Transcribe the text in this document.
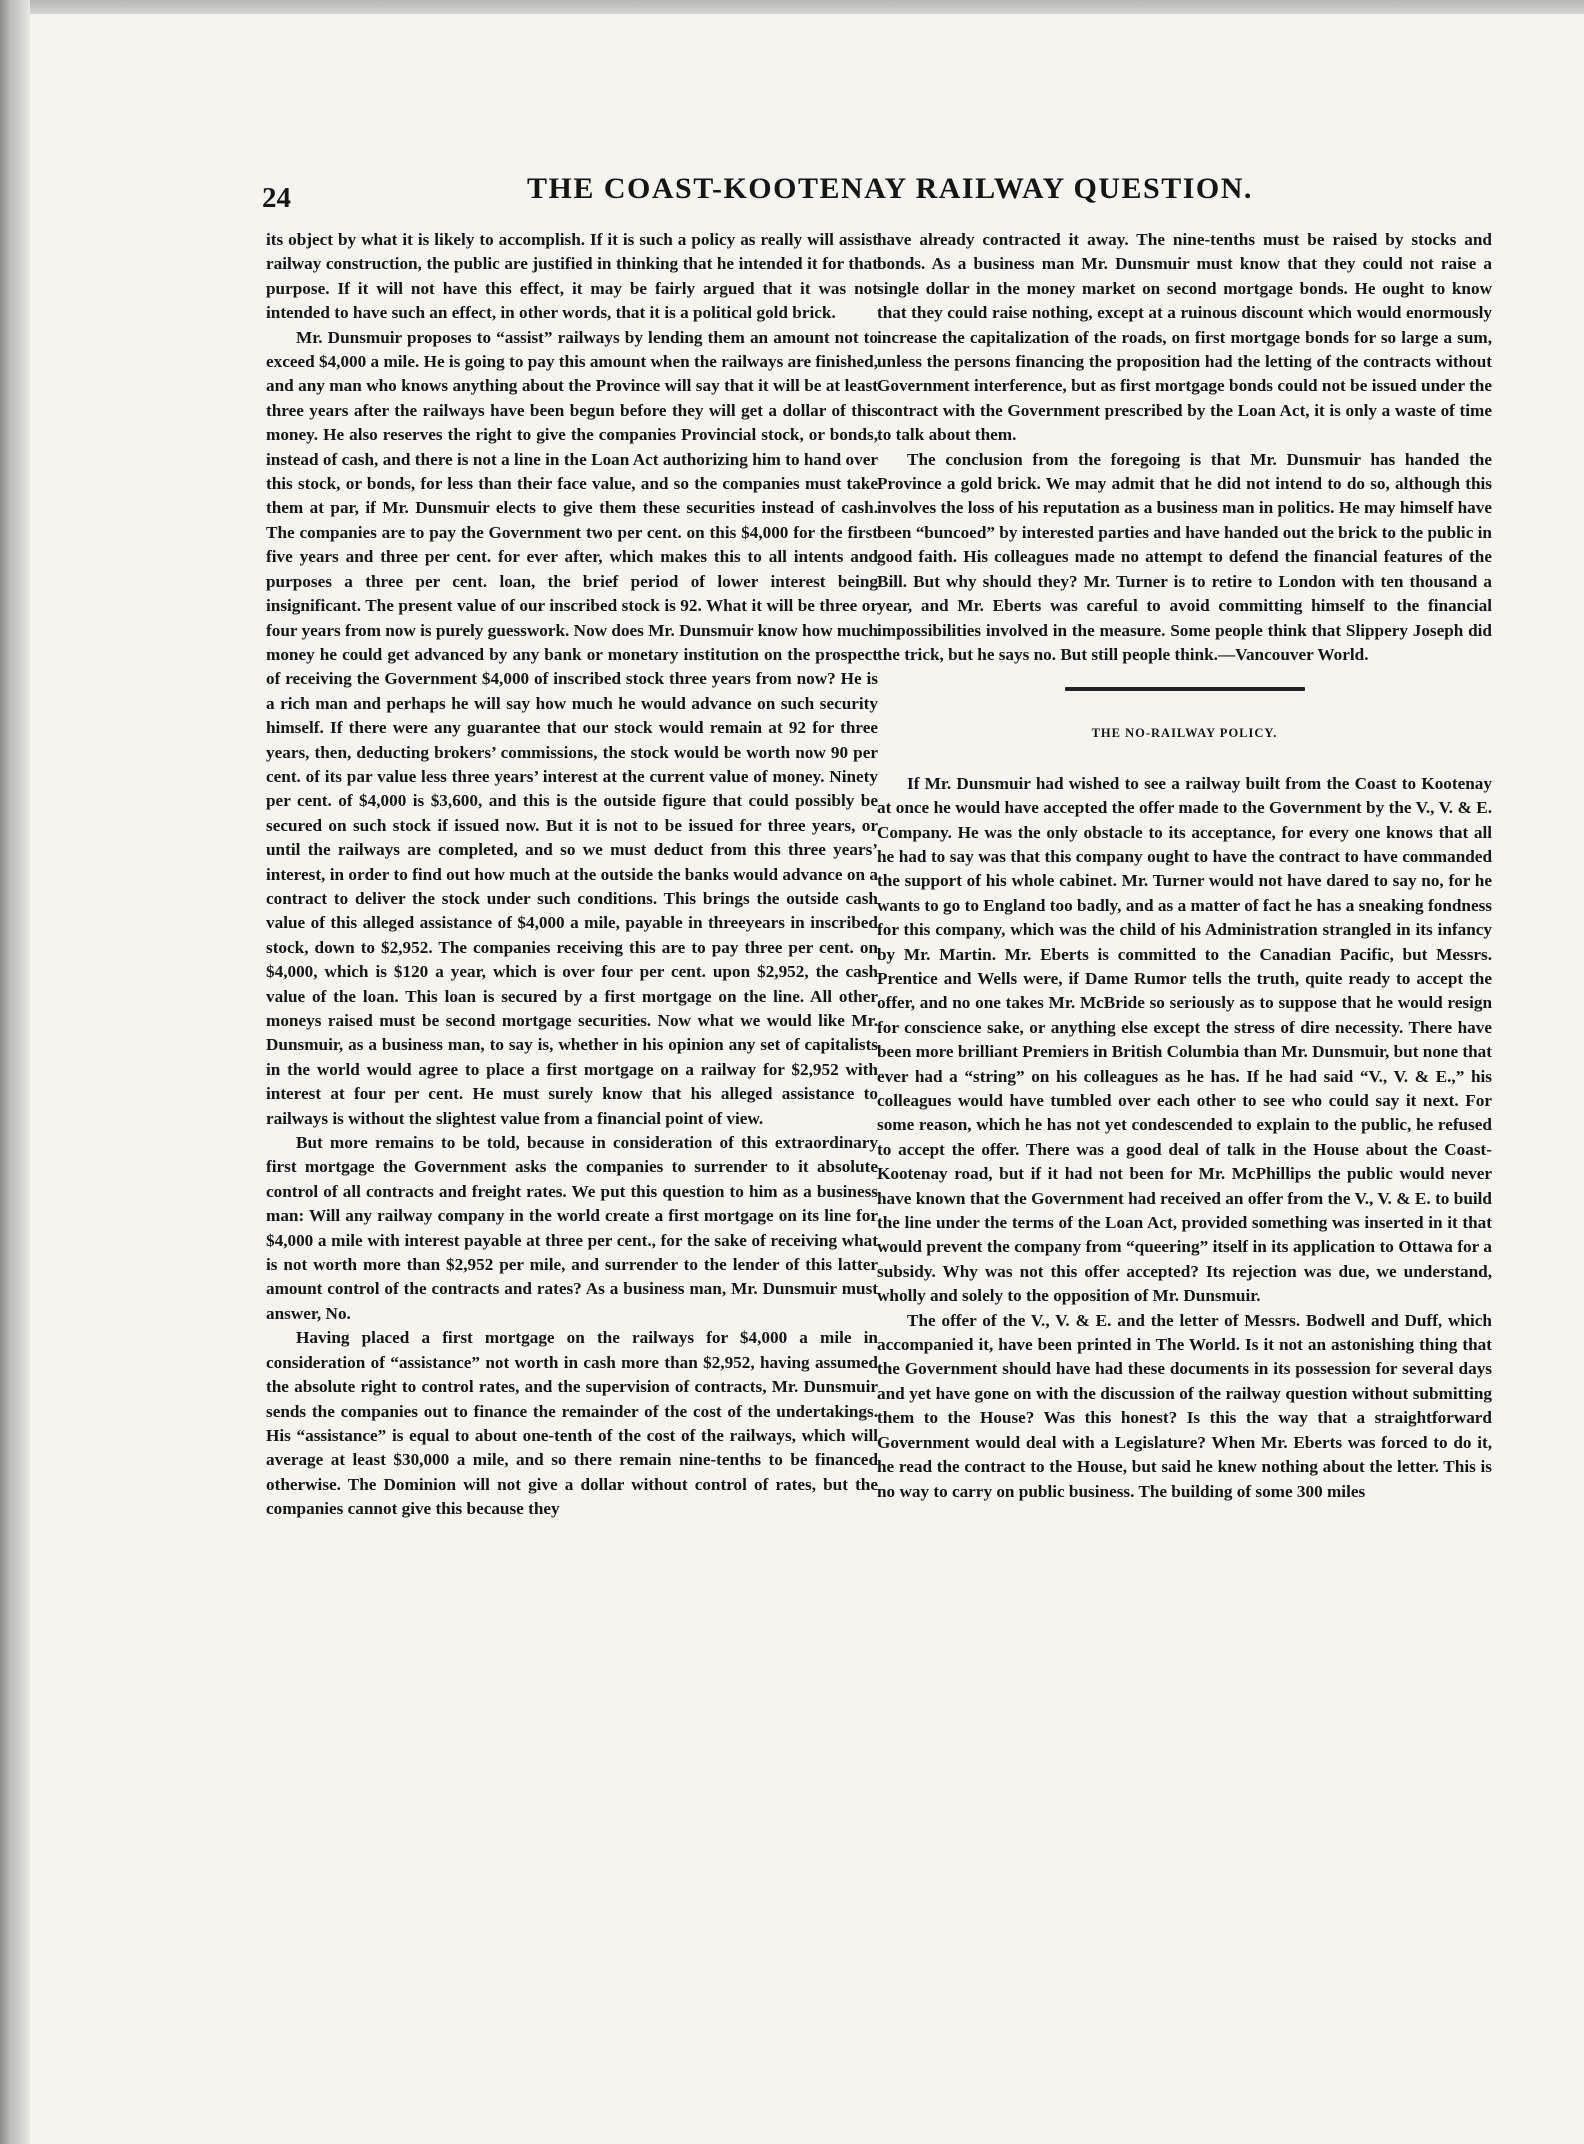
24	THE COAST-KOOTENAY RAILWAY QUESTION.

its object by what it is likely to accomplish. If it is such a policy as really will assist railway construction, the public are justified in thinking that he intended it for that purpose. If it will not have this effect, it may be fairly argued that it was not intended to have such an effect, in other words, that it is a political gold brick.

Mr. Dunsmuir proposes to “assist” railways by lending them an amount not to exceed $4,000 a mile. He is going to pay this amount when the railways are finished, and any man who knows anything about the Province will say that it will be at least three years after the railways have been begun before they will get a dollar of this money. He also reserves the right to give the companies Provincial stock, or bonds, instead of cash, and there is not a line in the Loan Act authorizing him to hand over this stock, or bonds, for less than their face value, and so the companies must take them at par, if Mr. Dunsmuir elects to give them these securities instead of cash. The companies are to pay the Government two per cent. on this $4,000 for the first five years and three per cent. for ever after, which makes this to all intents and purposes a three per cent. loan, the brief period of lower interest being insignificant. The present value of our inscribed stock is 92. What it will be three or four years from now is purely guesswork. Now does Mr. Dunsmuir know how much money he could get advanced by any bank or monetary institution on the prospect of receiving the Government $4,000 of inscribed stock three years from now? He is a rich man and perhaps he will say how much he would advance on such security himself. If there were any guarantee that our stock would remain at 92 for three years, then, deducting brokers’ commissions, the stock would be worth now 90 per cent. of its par value less three years’ interest at the current value of money. Ninety per cent. of $4,000 is $3,600, and this is the outside figure that could possibly be secured on such stock if issued now. But it is not to be issued for three years, or until the railways are completed, and so we must deduct from this three years’ interest, in order to find out how much at the outside the banks would advance on a contract to deliver the stock under such conditions. This brings the outside cash value of this alleged assistance of $4,000 a mile, payable in threeyears in inscribed stock, down to $2,952. The companies receiving this are to pay three per cent. on $4,000, which is $120 a year, which is over four per cent. upon $2,952, the cash value of the loan. This loan is secured by a first mortgage on the line. All other moneys raised must be second mortgage securities. Now what we would like Mr. Dunsmuir, as a business man, to say is, whether in his opinion any set of capitalists in the world would agree to place a first mortgage on a railway for $2,952 with interest at four per cent. He must surely know that his alleged assistance to railways is without the slightest value from a financial point of view.

But more remains to be told, because in consideration of this extraordinary first mortgage the Government asks the companies to surrender to it absolute control of all contracts and freight rates. We put this question to him as a business man: Will any railway company in the world create a first mortgage on its line for $4,000 a mile with interest payable at three per cent., for the sake of receiving what is not worth more than $2,952 per mile, and surrender to the lender of this latter amount control of the contracts and rates? As a business man, Mr. Dunsmuir must answer, No.

Having placed a first mortgage on the railways for $4,000 a mile in consideration of “assistance” not worth in cash more than $2,952, having assumed the absolute right to control rates, and the supervision of contracts, Mr. Dunsmuir sends the companies out to finance the remainder of the cost of the undertakings. His “assistance” is equal to about one-tenth of the cost of the railways, which will average at least $30,000 a mile, and so there remain nine-tenths to be financed otherwise. The Dominion will not give a dollar without control of rates, but the companies cannot give this because they

have already contracted it away. The nine-tenths must be raised by stocks and bonds. As a business man Mr. Dunsmuir must know that they could not raise a single dollar in the money market on second mortgage bonds. He ought to know that they could raise nothing, except at a ruinous discount which would enormously increase the capitalization of the roads, on first mortgage bonds for so large a sum, unless the persons financing the proposition had the letting of the contracts without Government interference, but as first mortgage bonds could not be issued under the contract with the Government prescribed by the Loan Act, it is only a waste of time to talk about them.

The conclusion from the foregoing is that Mr. Dunsmuir has handed the Province a gold brick. We may admit that he did not intend to do so, although this involves the loss of his reputation as a business man in politics. He may himself have been “buncoed” by interested parties and have handed out the brick to the public in good faith. His colleagues made no attempt to defend the financial features of the Bill. But why should they? Mr. Turner is to retire to London with ten thousand a year, and Mr. Eberts was careful to avoid committing himself to the financial impossibilities involved in the measure. Some people think that Slippery Joseph did the trick, but he says no. But still people think.—Vancouver World.

THE NO-RAILWAY POLICY.

If Mr. Dunsmuir had wished to see a railway built from the Coast to Kootenay at once he would have accepted the offer made to the Government by the V., V. & E. Company. He was the only obstacle to its acceptance, for every one knows that all he had to say was that this company ought to have the contract to have commanded the support of his whole cabinet. Mr. Turner would not have dared to say no, for he wants to go to England too badly, and as a matter of fact he has a sneaking fondness for this company, which was the child of his Administration strangled in its infancy by Mr. Martin. Mr. Eberts is committed to the Canadian Pacific, but Messrs. Prentice and Wells were, if Dame Rumor tells the truth, quite ready to accept the offer, and no one takes Mr. McBride so seriously as to suppose that he would resign for conscience sake, or anything else except the stress of dire necessity. There have been more brilliant Premiers in British Columbia than Mr. Dunsmuir, but none that ever had a “string” on his colleagues as he has. If he had said “V., V. & E.,” his colleagues would have tumbled over each other to see who could say it next. For some reason, which he has not yet condescended to explain to the public, he refused to accept the offer. There was a good deal of talk in the House about the Coast-Kootenay road, but if it had not been for Mr. McPhillips the public would never have known that the Government had received an offer from the V., V. & E. to build the line under the terms of the Loan Act, provided something was inserted in it that would prevent the company from “queering” itself in its application to Ottawa for a subsidy. Why was not this offer accepted? Its rejection was due, we understand, wholly and solely to the opposition of Mr. Dunsmuir.

The offer of the V., V. & E. and the letter of Messrs. Bodwell and Duff, which accompanied it, have been printed in The World. Is it not an astonishing thing that the Government should have had these documents in its possession for several days and yet have gone on with the discussion of the railway question without submitting them to the House? Was this honest? Is this the way that a straightforward Government would deal with a Legislature? When Mr. Eberts was forced to do it, he read the contract to the House, but said he knew nothing about the letter. This is no way to carry on public business. The building of some 300 miles
